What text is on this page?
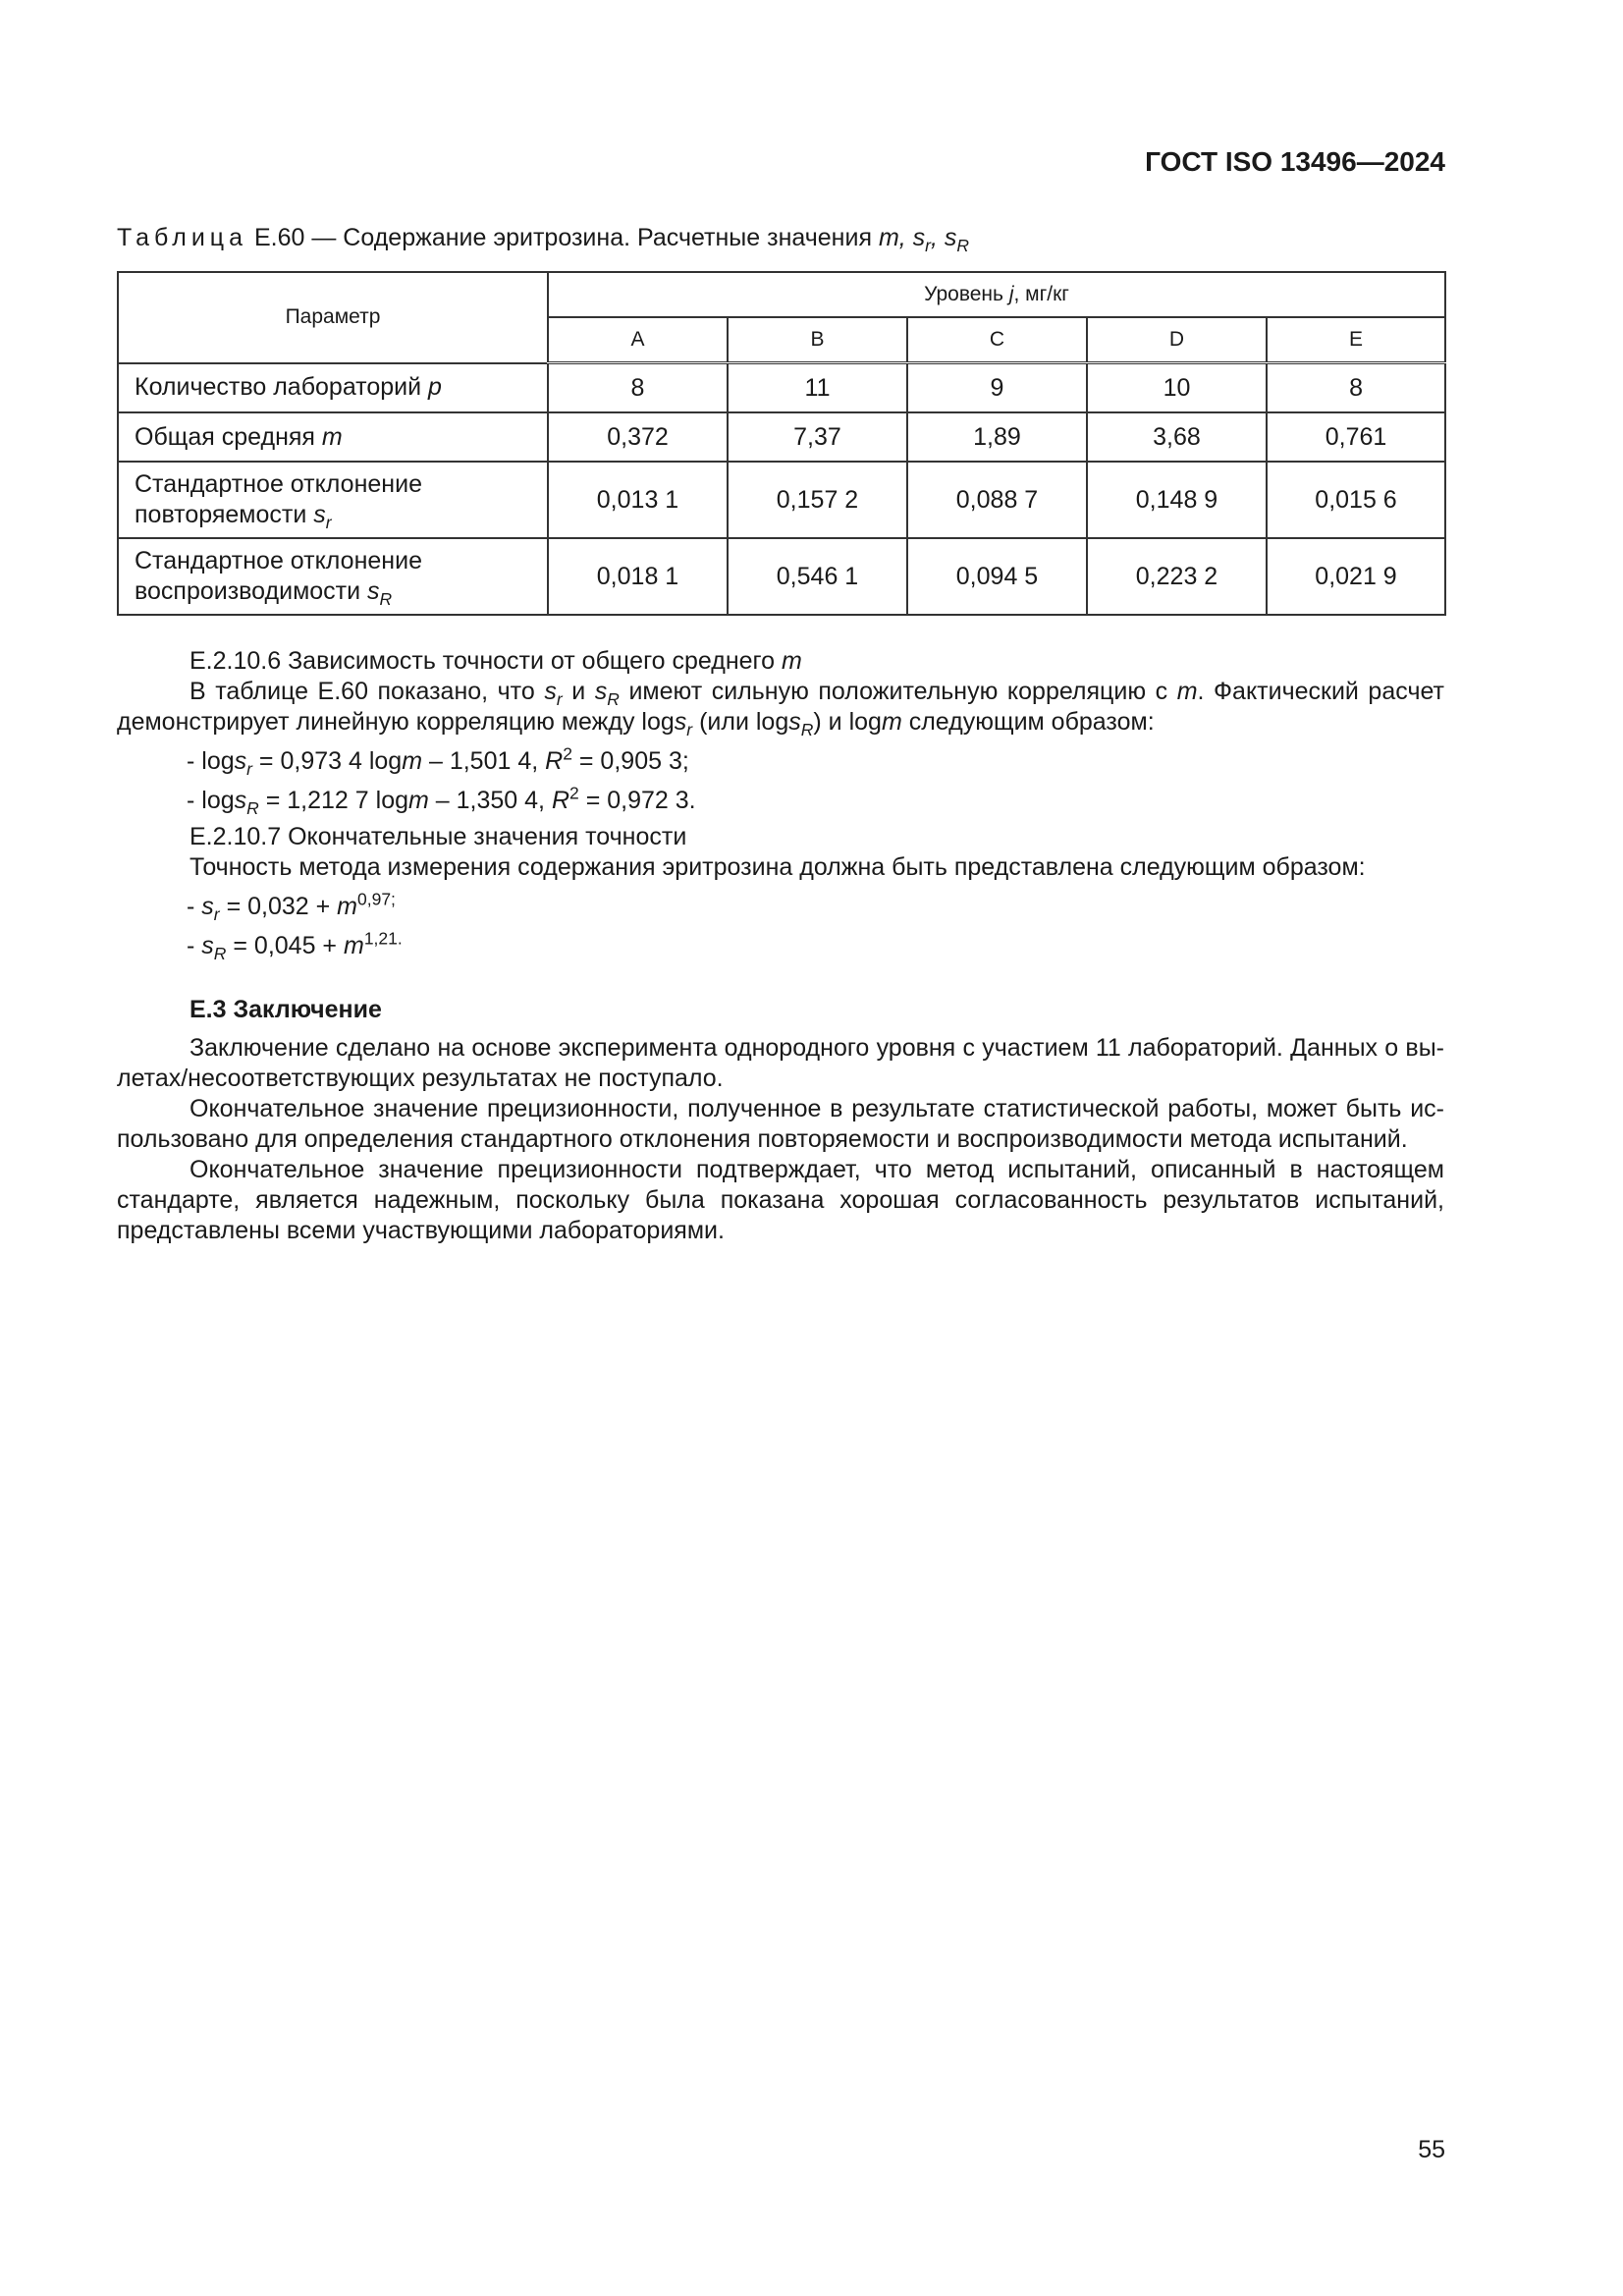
ГОСТ ISO 13496—2024
Таблица Е.60 — Содержание эритрозина. Расчетные значения m, $s_r$, $s_R$
Параметр	Уровень j, мг/кг				
	A	B	C	D	E
Количество лабораторий p	8	11	9	10	8
Общая средняя m	0,372	7,37	1,89	3,68	0,761
Стандартное отклонение
повторяемости $s_r$	0,013 1	0,157 2	0,088 7	0,148 9	0,015 6
Стандартное отклонение
воспроизводимости $s_R$	0,018 1	0,546 1	0,094 5	0,223 2	0,021 9

Е.2.10.6 Зависимость точности от общего среднего m

В таблице Е.60 показано, что $s_r$ и $s_R$ имеют сильную положительную корреляцию с m. Фактический расчет демонстрирует линейную корреляцию между logs$_r$ (или logs$_R$) и logm следующим образом:

- logs$_r$ = 0,973 4 logm – 1,501 4, $R^2 = 0,905$ 3;

- logs$_R$ = 1,212 7 logm – 1,350 4, $R^2 = 0,972$ 3.

Е.2.10.7 Окончательные значения точности

Точность метода измерения содержания эритрозина должна быть представлена следующим образом:

- $s_r = 0,032 + m^{0,97;}$

- $s_R = 0,045 + m^{1,21.}$

Е.3 Заключение

Заключение сделано на основе эксперимента однородного уровня с участием 11 лабораторий. Данных о вылетах/несоответствующих результатах не поступало.

Окончательное значение прецизионности, полученное в результате статистической работы, может быть использовано для определения стандартного отклонения повторяемости и воспроизводимости метода испытаний.

Окончательное значение прецизионности подтверждает, что метод испытаний, описанный в настоящем стандарте, является надежным, поскольку была показана хорошая согласованность результатов испытаний, представлены всеми участвующими лабораториями.

55
